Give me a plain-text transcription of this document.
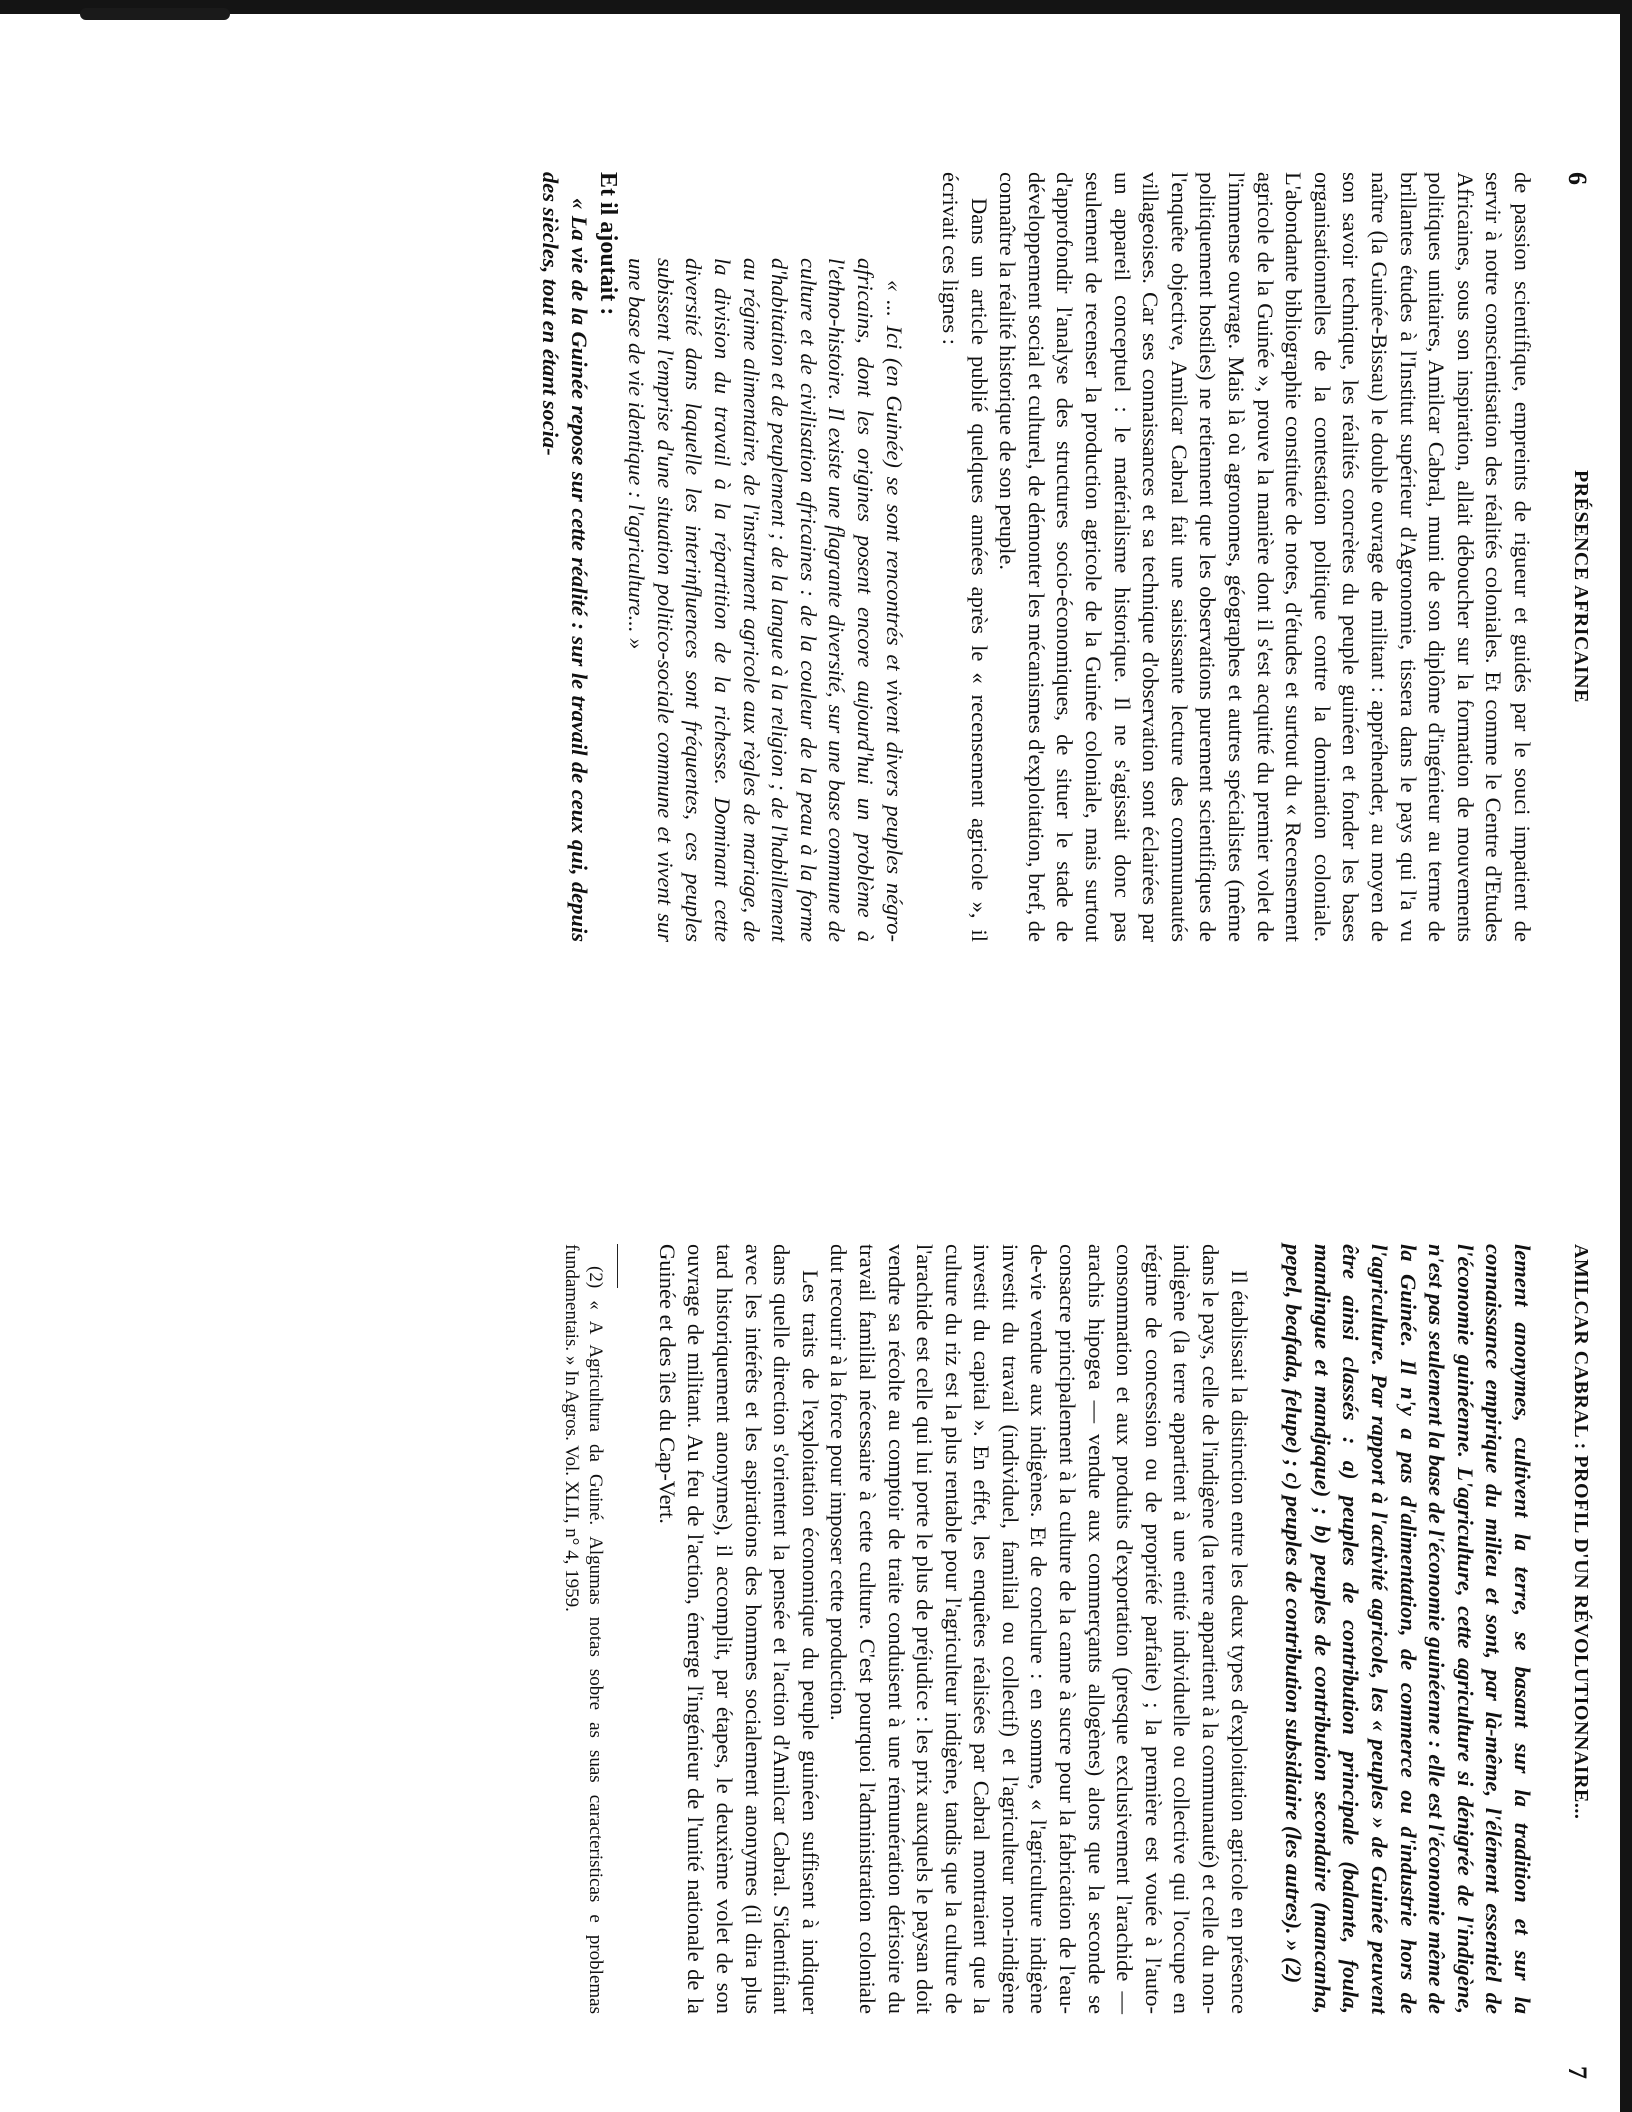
6
PRÉSENCE AFRICAINE

de passion scientifique, empreints de rigueur et guidés par le souci impatient de servir à notre conscientisation des réalités coloniales. Et comme le Centre d'Etudes Africaines, sous son inspiration, allait déboucher sur la formation de mouvements politiques unitaires, Amilcar Cabral, muni de son diplôme d'ingénieur au terme de brillantes études à l'Institut supérieur d'Agronomie, tissera dans le pays qui l'a vu naître (la Guinée-Bissau) le double ouvrage de militant : appréhender, au moyen de son savoir technique, les réalités concrètes du peuple guinéen et fonder les bases organisationnelles de la contestation politique contre la domination coloniale. L'abondante bibliographie constituée de notes, d'études et surtout du « Recensement agricole de la Guinée », prouve la manière dont il s'est acquitté du premier volet de l'immense ouvrage. Mais là où agronomes, géographes et autres spécialistes (même politiquement hostiles) ne retiennent que les observations purement scientifiques de l'enquête objective, Amilcar Cabral fait une saisissante lecture des communautés villageoises. Car ses connaissances et sa technique d'observation sont éclairées par un appareil conceptuel : le matérialisme historique. Il ne s'agissait donc pas seulement de recenser la production agricole de la Guinée coloniale, mais surtout d'approfondir l'analyse des structures socio-économiques, de situer le stade de développement social et culturel, de démonter les mécanismes d'exploitation, bref, de connaître la réalité historique de son peuple.

Dans un article publié quelques années après le « recensement agricole », il écrivait ces lignes :

« ... Ici (en Guinée) se sont rencontrés et vivent divers peuples négro-africains, dont les origines posent encore aujourd'hui un problème à l'ethno-histoire. Il existe une flagrante diversité, sur une base commune de culture et de civilisation africaines : de la couleur de la peau à la forme d'habitation et de peuplement ; de la langue à la religion ; de l'habillement au régime alimentaire, de l'instrument agricole aux règles de mariage, de la division du travail à la répartition de la richesse. Dominant cette diversité dans laquelle les interinfluences sont fréquentes, ces peuples subissent l'emprise d'une situation politico-sociale commune et vivent sur une base de vie identique : l'agriculture... »

Et il ajoutait :

« La vie de la Guinée repose sur cette réalité : sur le travail de ceux qui, depuis des siècles, tout en étant socia-

AMILCAR CABRAL : PROFIL D'UN RÉVOLUTIONNAIRE...
7

lement anonymes, cultivent la terre, se basant sur la tradition et sur la connaissance empirique du milieu et sont, par là-même, l'élément essentiel de l'économie guinéenne. L'agriculture, cette agriculture si dénigrée de l'indigène, n'est pas seulement la base de l'économie guinéenne : elle est l'économie même de la Guinée. Il n'y a pas d'alimentation, de commerce ou d'industrie hors de l'agriculture. Par rapport à l'activité agricole, les « peuples » de Guinée peuvent être ainsi classés : a) peuples de contribution principale (balante, foula, mandingue et mandjaque) ; b) peuples de contribution secondaire (mancanha, pepel, beafada, felupe) ; c) peuples de contribution subsidiaire (les autres). » (2)

Il établissait la distinction entre les deux types d'exploitation agricole en présence dans le pays, celle de l'indigène (la terre appartient à la communauté) et celle du non-indigène (la terre appartient à une entité individuelle ou collective qui l'occupe en régime de concession ou de propriété parfaite) ; la première est vouée à l'auto-consommation et aux produits d'exportation (presque exclusivement l'arachide — arachis hipogea — vendue aux commerçants allogènes) alors que la seconde se consacre principalement à la culture de la canne à sucre pour la fabrication de l'eau-de-vie vendue aux indigènes. Et de conclure : en somme, « l'agriculture indigène investit du travail (individuel, familial ou collectif) et l'agriculteur non-indigène investit du capital ». En effet, les enquêtes réalisées par Cabral montraient que la culture du riz est la plus rentable pour l'agriculteur indigène, tandis que la culture de l'arachide est celle qui lui porte le plus de préjudice : les prix auxquels le paysan doit vendre sa récolte au comptoir de traite conduisent à une rémunération dérisoire du travail familial nécessaire à cette culture. C'est pourquoi l'administration coloniale dut recourir à la force pour imposer cette production.

Les traits de l'exploitation économique du peuple guinéen suffisent à indiquer dans quelle direction s'orientent la pensée et l'action d'Amilcar Cabral. S'identifiant avec les intérêts et les aspirations des hommes socialement anonymes (il dira plus tard historiquement anonymes), il accomplit, par étapes, le deuxième volet de son ouvrage de militant. Au feu de l'action, émerge l'ingénieur de l'unité nationale de la Guinée et des îles du Cap-Vert.

(2) « A Agricultura da Guiné. Algumas notas sobre as suas caracteristicas e problemas fundamentais. » In Agros. Vol. XLII, n° 4, 1959.
